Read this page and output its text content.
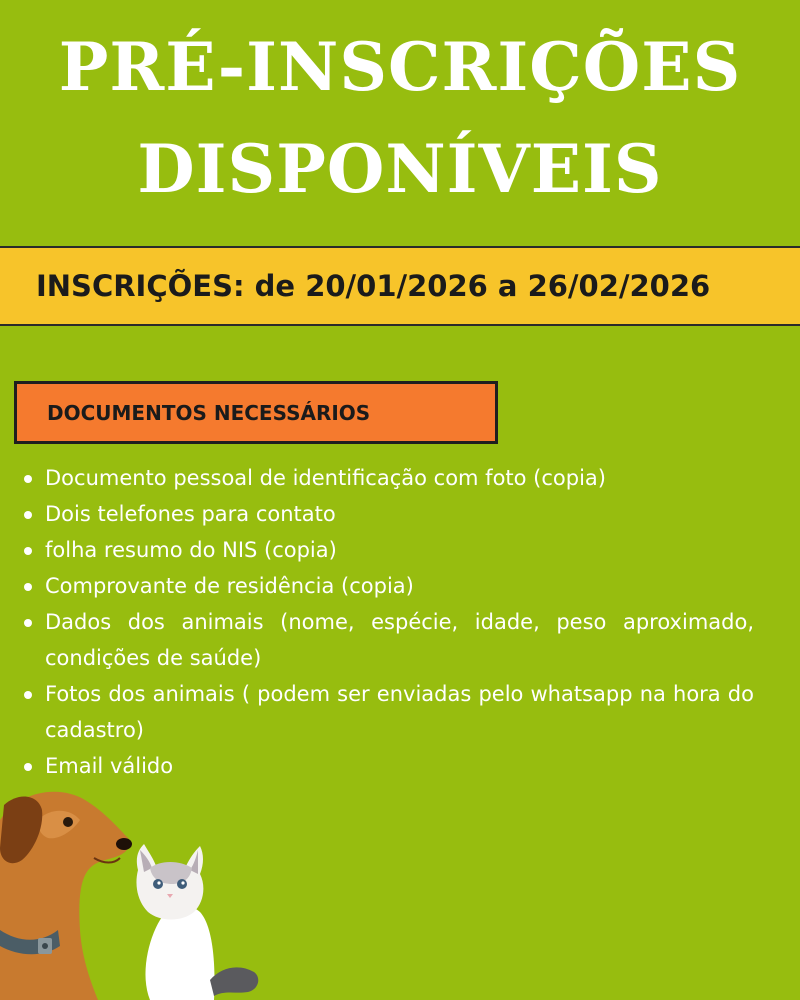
PRÉ-INSCRIÇÕES
DISPONÍVEIS
INSCRIÇÕES: de 20/01/2026 a 26/02/2026
DOCUMENTOS NECESSÁRIOS
Documento pessoal de identificação com foto (copia)
Dois telefones para contato
folha resumo do NIS (copia)
Comprovante de residência (copia)
Dados dos animais (nome, espécie, idade, peso aproximado, condições de saúde)
Fotos dos animais ( podem ser enviadas pelo whatsapp na hora do cadastro)
Email válido
